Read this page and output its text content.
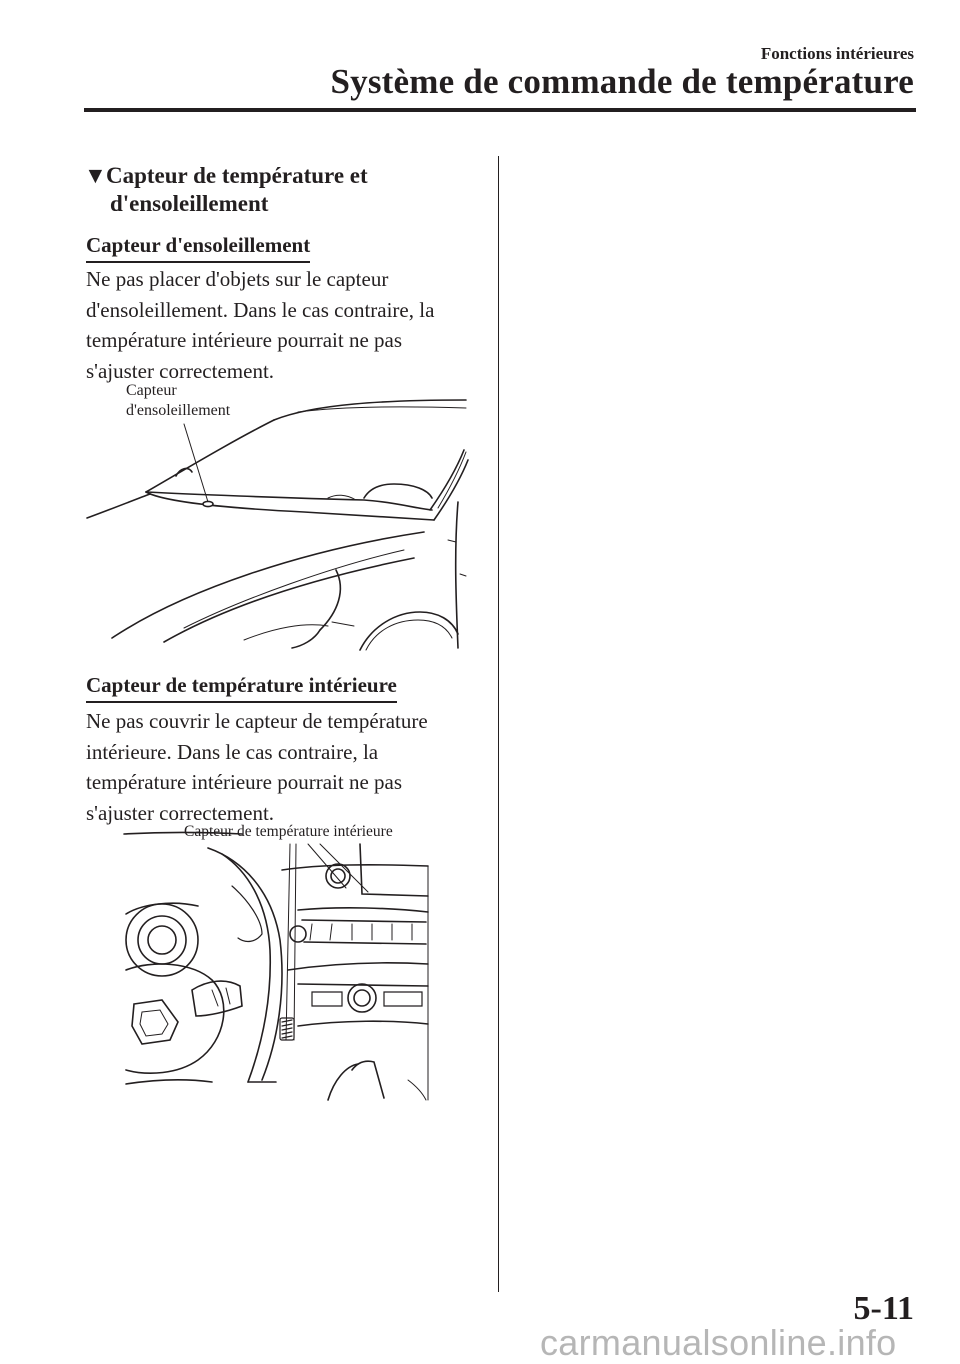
Fonctions intérieures
Système de commande de température
▼Capteur de température et
d'ensoleillement
Capteur d'ensoleillement
Ne pas placer d'objets sur le capteur
d'ensoleillement. Dans le cas contraire, la
température intérieure pourrait ne pas
s'ajuster correctement.
Capteur
d'ensoleillement
Capteur de température intérieure
Ne pas couvrir le capteur de température
intérieure. Dans le cas contraire, la
température intérieure pourrait ne pas
s'ajuster correctement.
Capteur de température intérieure
5-11
carmanualsonline.info
